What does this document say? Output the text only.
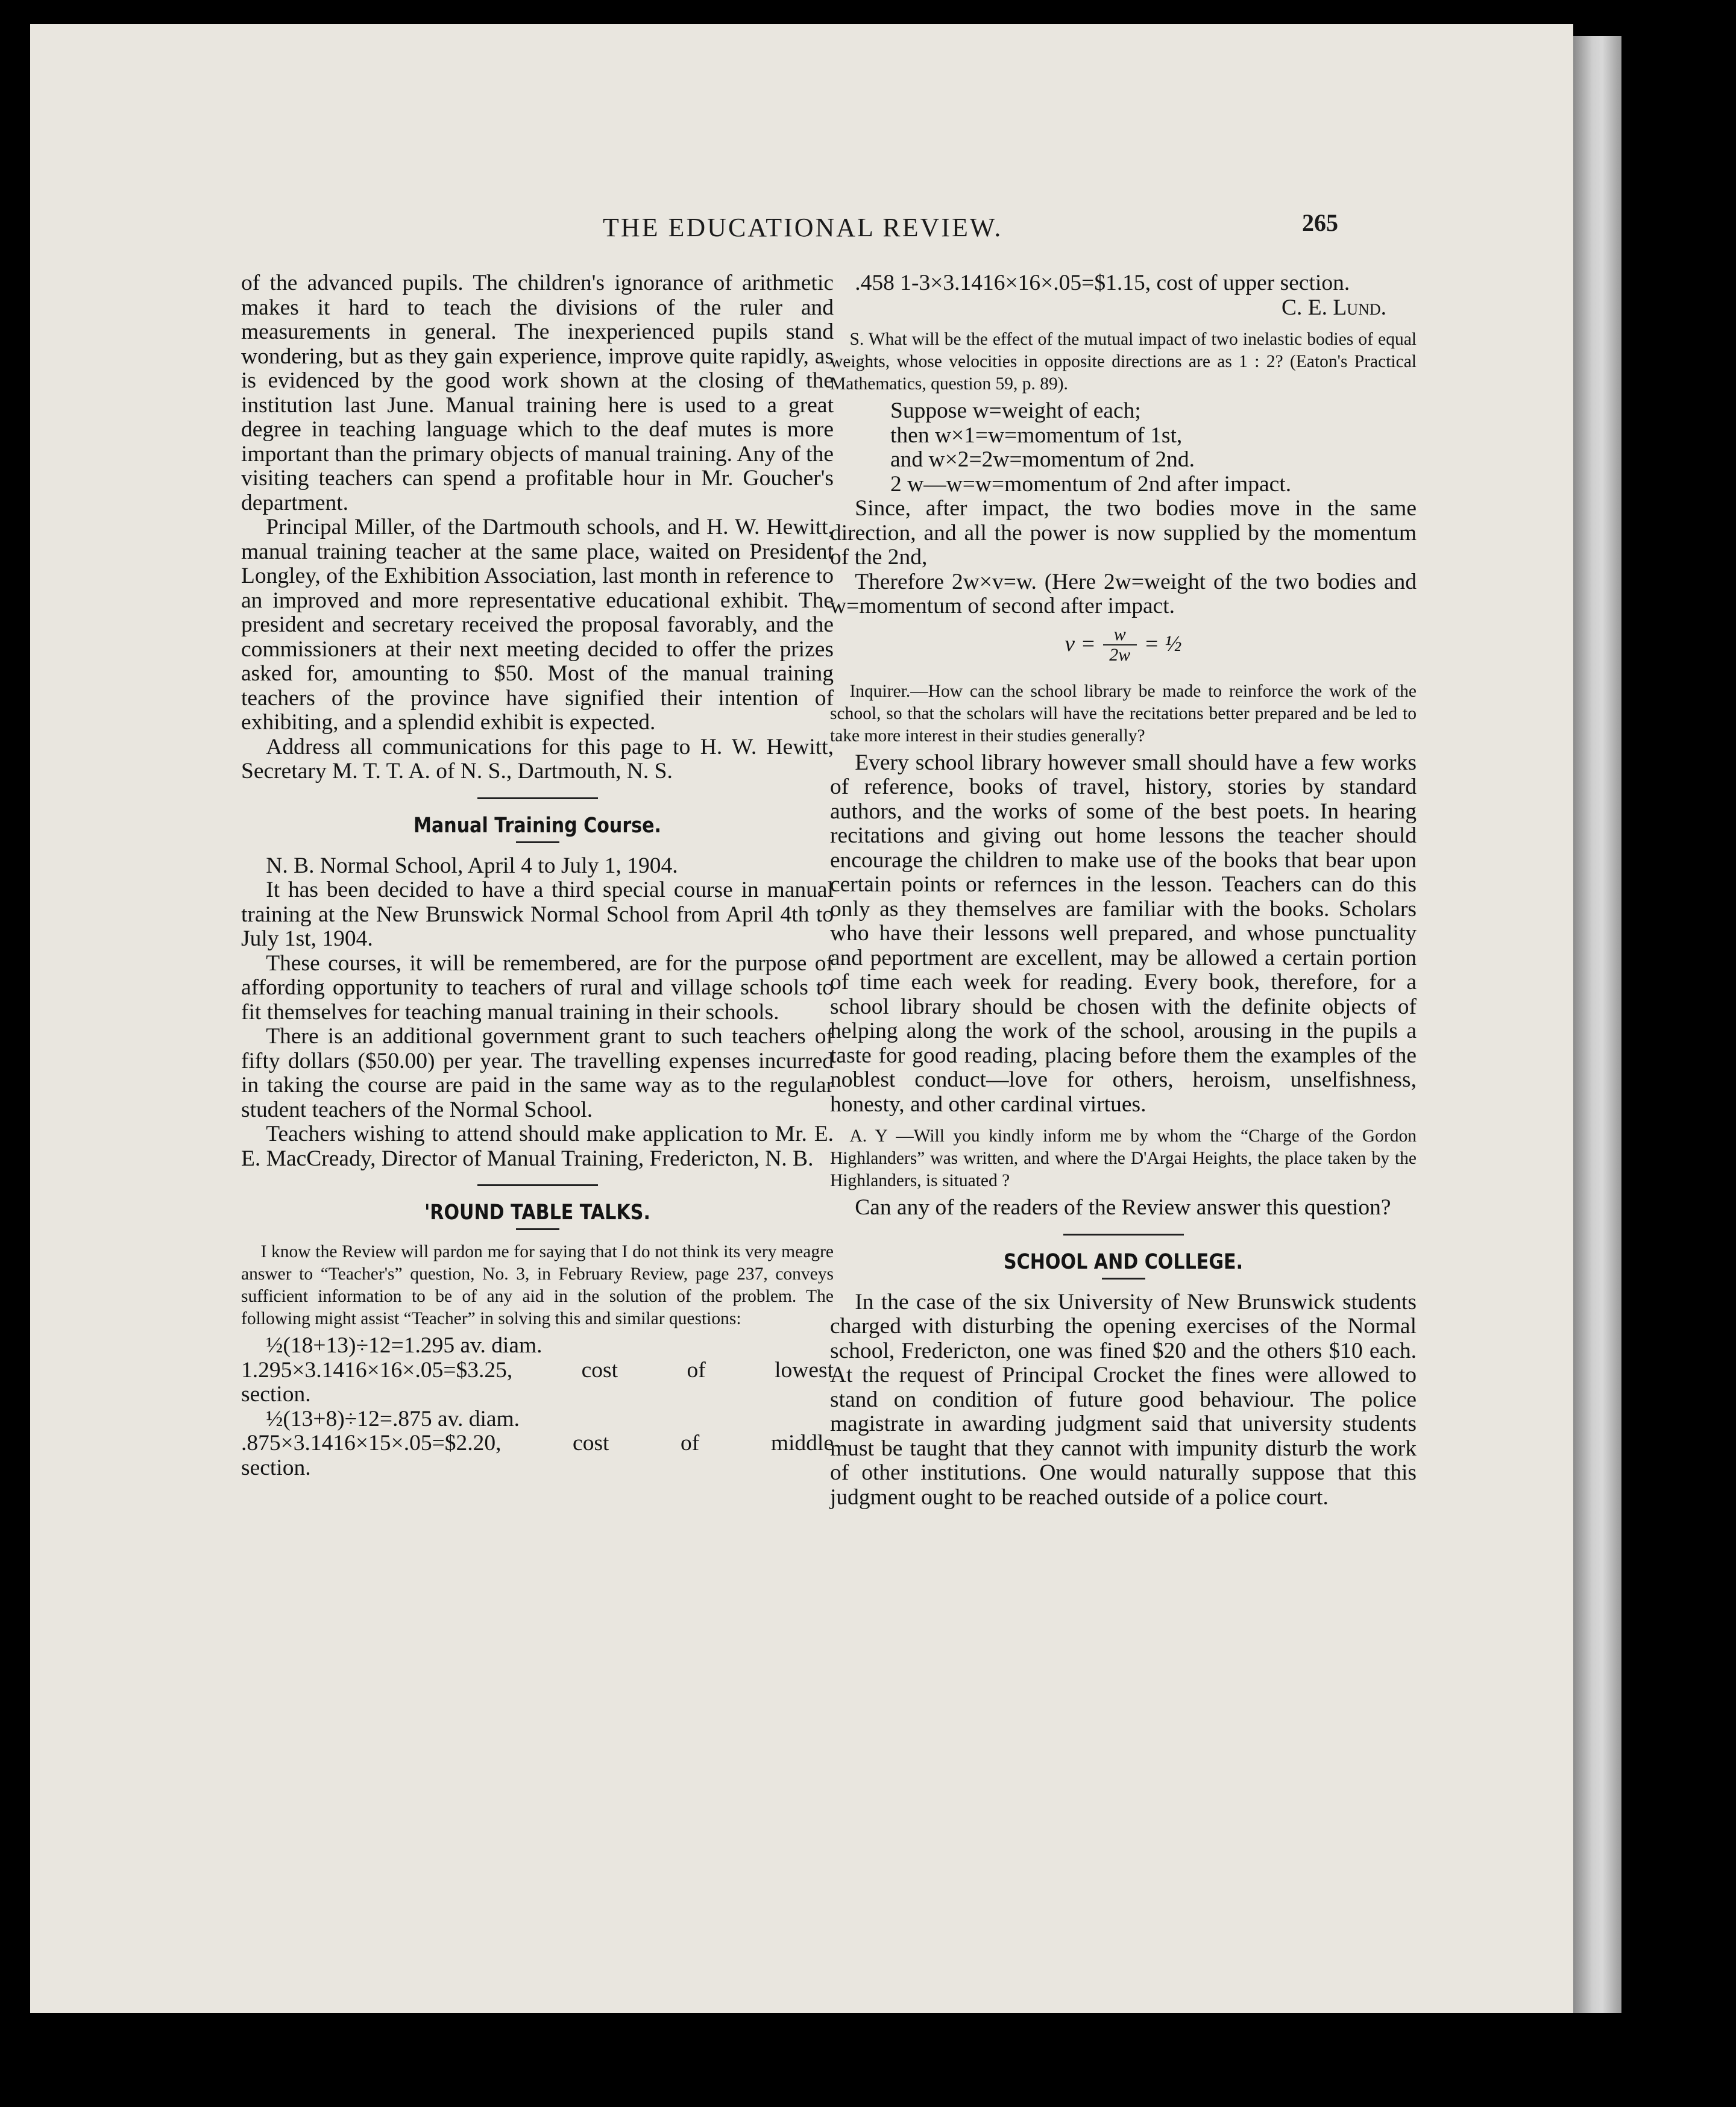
THE EDUCATIONAL REVIEW.	265

of the advanced pupils. The children's ignorance of arithmetic makes it hard to teach the divisions of the ruler and measurements in general. The inexperienced pupils stand wondering, but as they gain experience, improve quite rapidly, as is evidenced by the good work shown at the closing of the institution last June. Manual training here is used to a great degree in teaching language which to the deaf mutes is more important than the primary objects of manual training. Any of the visiting teachers can spend a profitable hour in Mr. Goucher's department.

Principal Miller, of the Dartmouth schools, and H. W. Hewitt, manual training teacher at the same place, waited on President Longley, of the Exhibition Association, last month in reference to an improved and more representative educational exhibit. The president and secretary received the proposal favorably, and the commissioners at their next meeting decided to offer the prizes asked for, amounting to $50. Most of the manual training teachers of the province have signified their intention of exhibiting, and a splendid exhibit is expected.

Address all communications for this page to H. W. Hewitt, Secretary M. T. T. A. of N. S., Dartmouth, N. S.

Manual Training Course.

N. B. Normal School, April 4 to July 1, 1904.

It has been decided to have a third special course in manual training at the New Brunswick Normal School from April 4th to July 1st, 1904.

These courses, it will be remembered, are for the purpose of affording opportunity to teachers of rural and village schools to fit themselves for teaching manual training in their schools.

There is an additional government grant to such teachers of fifty dollars ($50.00) per year. The travelling expenses incurred in taking the course are paid in the same way as to the regular student teachers of the Normal School.

Teachers wishing to attend should make application to Mr. E. E. MacCready, Director of Manual Training, Fredericton, N. B.

'ROUND TABLE TALKS.

I know the Review will pardon me for saying that I do not think its very meagre answer to “Teacher's” question, No. 3, in February Review, page 237, conveys sufficient information to be of any aid in the solution of the problem. The following might assist “Teacher” in solving this and similar questions:

½(18+13)÷12=1.295 av. diam.

1.295×3.1416×16×.05=$3.25,	cost	of	lowest

section.

½(13+8)÷12=.875 av. diam.

.875×3.1416×15×.05=$2.20,	cost	of	middle

section.

.458 1-3×3.1416×16×.05=$1.15, cost of upper section.

C. E. Lund.

S. What will be the effect of the mutual impact of two inelastic bodies of equal weights, whose velocities in opposite directions are as 1 : 2? (Eaton's Practical Mathematics, question 59, p. 89).

Suppose w=weight of each;

then w×1=w=momentum of 1st,

and w×2=2w=momentum of 2nd.

2 w—w=w=momentum of 2nd after impact.

Since, after impact, the two bodies move in the same direction, and all the power is now supplied by the momentum of the 2nd,

Therefore 2w×v=w. (Here 2w=weight of the two bodies and w=momentum of second after impact.

v = w
2w = ½

Inquirer.—How can the school library be made to reinforce the work of the school, so that the scholars will have the recitations better prepared and be led to take more interest in their studies generally?

Every school library however small should have a few works of reference, books of travel, history, stories by standard authors, and the works of some of the best poets. In hearing recitations and giving out home lessons the teacher should encourage the children to make use of the books that bear upon certain points or refernces in the lesson. Teachers can do this only as they themselves are familiar with the books. Scholars who have their lessons well prepared, and whose punctuality and peportment are excellent, may be allowed a certain portion of time each week for reading. Every book, therefore, for a school library should be chosen with the definite objects of helping along the work of the school, arousing in the pupils a taste for good reading, placing before them the examples of the noblest conduct—love for others, heroism, unselfishness, honesty, and other cardinal virtues.

A. Y —Will you kindly inform me by whom the “Charge of the Gordon Highlanders” was written, and where the D'Argai Heights, the place taken by the Highlanders, is situated ?

Can any of the readers of the Review answer this question?

SCHOOL AND COLLEGE.

In the case of the six University of New Brunswick students charged with disturbing the opening exercises of the Normal school, Fredericton, one was fined $20 and the others $10 each. At the request of Principal Crocket the fines were allowed to stand on condition of future good behaviour. The police magistrate in awarding judgment said that university students must be taught that they cannot with impunity disturb the work of other institutions. One would naturally suppose that this judgment ought to be reached outside of a police court.
